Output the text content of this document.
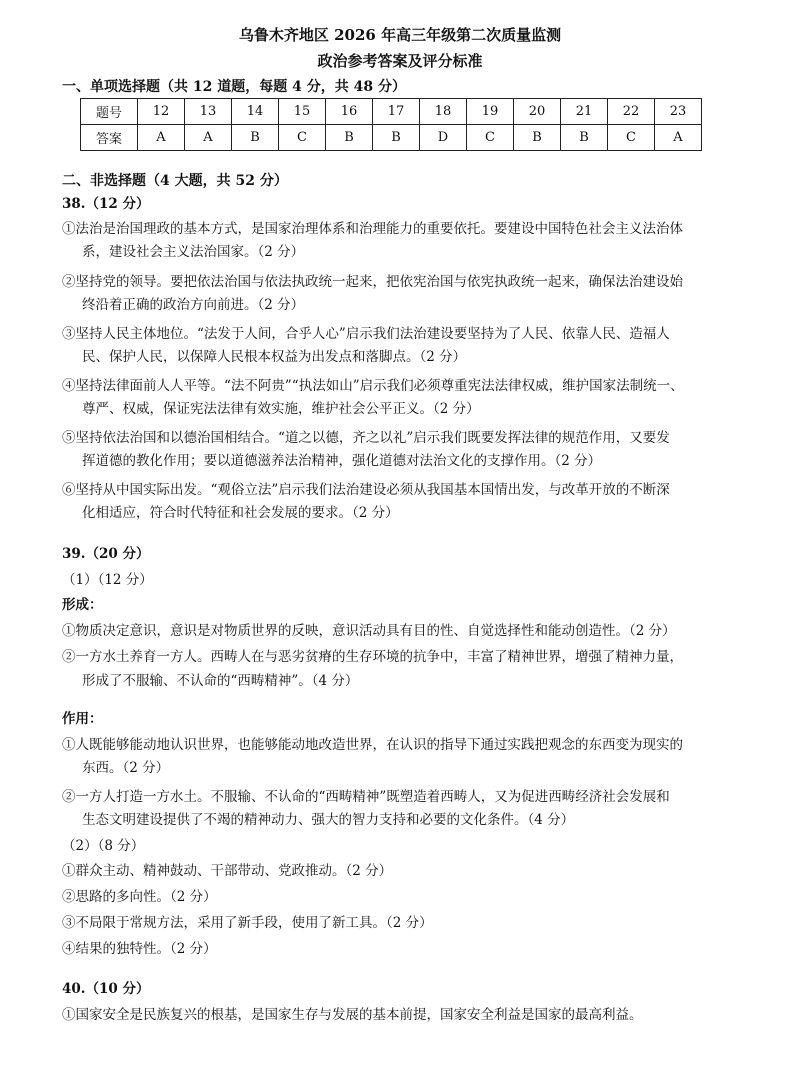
乌鲁木齐地区 2026 年高三年级第二次质量监测
政治参考答案及评分标准
一、单项选择题（共 12 道题，每题 4 分，共 48 分）
题号	12	13	14	15	16	17	18	19	20	21	22	23
答案	A	A	B	C	B	B	D	C	B	B	C	A
二、非选择题（4 大题，共 52 分）
38.（12 分）
①法治是治国理政的基本方式，是国家治理体系和治理能力的重要依托。要建设中国特色社会主义法治体
系，建设社会主义法治国家。（2 分）
②坚持党的领导。要把依法治国与依法执政统一起来，把依宪治国与依宪执政统一起来，确保法治建设始
终沿着正确的政治方向前进。（2 分）
③坚持人民主体地位。“法发于人间，合乎人心”启示我们法治建设要坚持为了人民、依靠人民、造福人
民、保护人民，以保障人民根本权益为出发点和落脚点。（2 分）
④坚持法律面前人人平等。“法不阿贵”“执法如山”启示我们必须尊重宪法法律权威，维护国家法制统一、
尊严、权威，保证宪法法律有效实施，维护社会公平正义。（2 分）
⑤坚持依法治国和以德治国相结合。“道之以德，齐之以礼”启示我们既要发挥法律的规范作用，又要发
挥道德的教化作用；要以道德滋养法治精神，强化道德对法治文化的支撑作用。（2 分）
⑥坚持从中国实际出发。“观俗立法”启示我们法治建设必须从我国基本国情出发，与改革开放的不断深
化相适应，符合时代特征和社会发展的要求。（2 分）
39.（20 分）
（1）（12 分）
形成：
①物质决定意识，意识是对物质世界的反映，意识活动具有目的性、自觉选择性和能动创造性。（2 分）
②一方水土养育一方人。西畴人在与恶劣贫瘠的生存环境的抗争中，丰富了精神世界，增强了精神力量，
形成了不服输、不认命的“西畴精神”。（4 分）
作用：
①人既能够能动地认识世界，也能够能动地改造世界，在认识的指导下通过实践把观念的东西变为现实的
东西。（2 分）
②一方人打造一方水土。不服输、不认命的“西畴精神”既塑造着西畴人，又为促进西畴经济社会发展和
生态文明建设提供了不竭的精神动力、强大的智力支持和必要的文化条件。（4 分）
（2）（8 分）
①群众主动、精神鼓动、干部带动、党政推动。（2 分）
②思路的多向性。（2 分）
③不局限于常规方法，采用了新手段，使用了新工具。（2 分）
④结果的独特性。（2 分）
40.（10 分）
①国家安全是民族复兴的根基，是国家生存与发展的基本前提，国家安全利益是国家的最高利益。
